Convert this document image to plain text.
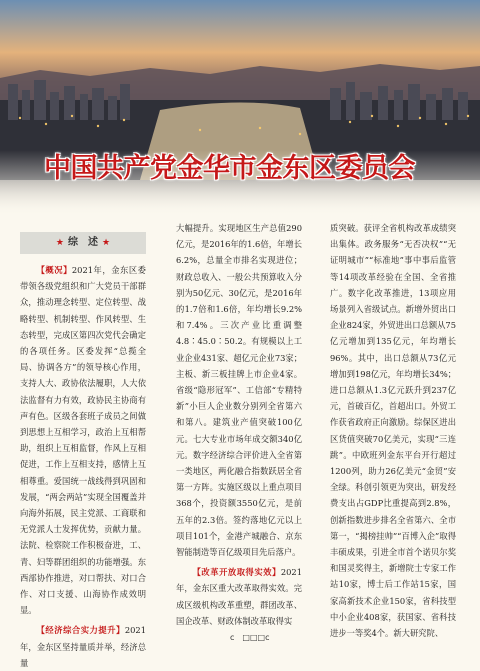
中国共产党金华市金东区委员会
★ 综　述 ★

【概况】2021年，金东区委带领各级党组织和广大党员干部群众，推动理念转型、定位转型、战略转型、机制转型、作风转型、生态转型，完成区第四次党代会确定的各项任务。区委发挥“总揽全局、协调各方”的领导核心作用，支持人大、政协依法履职，人大依法监督有力有效，政协民主协商有声有色。区级各套班子成员之间做到思想上互相学习，政治上互相帮助，组织上互相监督，作风上互相促进，工作上互相支持，感情上互相尊重。爱国统一战线得到巩固和发展，“两会两站”实现全国覆盖并向海外拓展，民主党派、工商联和无党派人士发挥优势，贡献力量。法院、检察院工作积极奋进，工、青、妇等群团组织的功能增强。东西部协作推进，对口帮扶、对口合作、对口支援、山海协作成效明显。

【经济综合实力提升】2021年，金东区坚持量质并举，经济总量

大幅提升。实现地区生产总值290亿元，是2016年的1.6倍，年增长6.2%，总量全市排名实现进位；财政总收入、一般公共预算收入分别为50亿元、30亿元，是2016年的1.7倍和1.6倍，年均增长9.2%和7.4%。三次产业比重调整4.8∶45.0∶50.2。有规模以上工业企业431家、超亿元企业73家；主板、新三板挂牌上市企业4家。省级“隐形冠军”、工信部“专精特新”小巨人企业数分别列全省第六和第八。建筑业产值突破100亿元。七大专业市场年成交额340亿元。数字经济综合评价进入全省第一类地区，两化融合指数跃居全省第一方阵。实施区级以上重点项目368个，投资额3550亿元，是前五年的2.3倍。签约落地亿元以上项目101个，金港产城融合、京东智能制造等百亿级项目先后落户。

【改革开放取得实效】2021年，金东区重大改革取得实效。完成区级机构改革重塑，群团改革、国企改革、财政体制改革取得实

质突破。获评全省机构改革成绩突出集体。政务服务“无否决权”“无证明城市”“标准地”事中事后监管等14项改革经验在全国、全省推广。数字化改革推进，13项应用场景列入省级试点。新增外贸出口企业824家，外贸进出口总额从75亿元增加到135亿元，年均增长96%。其中，出口总额从73亿元增加到198亿元，年均增长34%；进口总额从1.3亿元跃升到237亿元，首破百亿，首超出口。外贸工作获省政府正向激励。综保区进出区货值突破70亿美元，实现“三连跳”。中欧班列金东平台开行超过1200列，助力26亿美元“金贸”安全绿。科创引领更为突出，研发经费支出占GDP比重提高到2.8%，创新指数进步排名全省第六、全市第一，“揭榜挂帅”“百博入企”取得丰硕成果，引进全市首个诺贝尔奖和国灵奖得主，新增院士专家工作站10家，博士后工作站15家，国家高新技术企业150家，省科技型中小企业408家，获国家、省科技进步一等奖4个。新大研究院、

c　□□□c
